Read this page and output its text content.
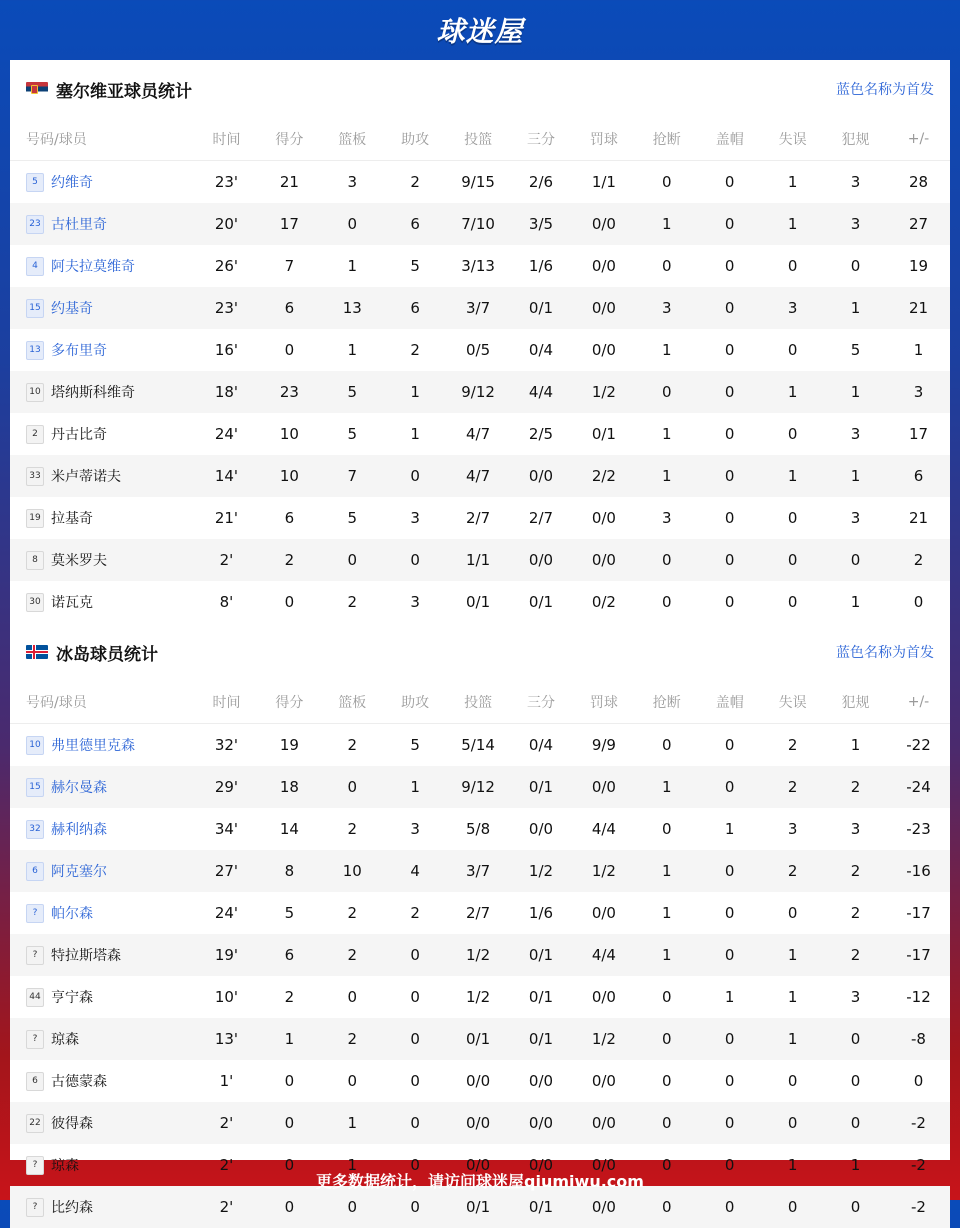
球迷屋
塞尔维亚球员统计	蓝色名称为首发
号码/球员	时间	得分	篮板	助攻	投篮	三分	罚球	抢断	盖帽	失误	犯规	+/-
5 约维奇	23'	21	3	2	9/15	2/6	1/1	0	0	1	3	28
23 古杜里奇	20'	17	0	6	7/10	3/5	0/0	1	0	1	3	27
4 阿夫拉莫维奇	26'	7	1	5	3/13	1/6	0/0	0	0	0	0	19
15 约基奇	23'	6	13	6	3/7	0/1	0/0	3	0	3	1	21
13 多布里奇	16'	0	1	2	0/5	0/4	0/0	1	0	0	5	1
10 塔纳斯科维奇	18'	23	5	1	9/12	4/4	1/2	0	0	1	1	3
2 丹古比奇	24'	10	5	1	4/7	2/5	0/1	1	0	0	3	17
33 米卢蒂诺夫	14'	10	7	0	4/7	0/0	2/2	1	0	1	1	6
19 拉基奇	21'	6	5	3	2/7	2/7	0/0	3	0	0	3	21
8 莫米罗夫	2'	2	0	0	1/1	0/0	0/0	0	0	0	0	2
30 诺瓦克	8'	0	2	3	0/1	0/1	0/2	0	0	0	1	0
冰岛球员统计	蓝色名称为首发
号码/球员	时间	得分	篮板	助攻	投篮	三分	罚球	抢断	盖帽	失误	犯规	+/-
10 弗里德里克森	32'	19	2	5	5/14	0/4	9/9	0	0	2	1	-22
15 赫尔曼森	29'	18	0	1	9/12	0/1	0/0	1	0	2	2	-24
32 赫利纳森	34'	14	2	3	5/8	0/0	4/4	0	1	3	3	-23
6 阿克塞尔	27'	8	10	4	3/7	1/2	1/2	1	0	2	2	-16
? 帕尔森	24'	5	2	2	2/7	1/6	0/0	1	0	0	2	-17
? 特拉斯塔森	19'	6	2	0	1/2	0/1	4/4	1	0	1	2	-17
44 亨宁森	10'	2	0	0	1/2	0/1	0/0	0	1	1	3	-12
? 琼森	13'	1	2	0	0/1	0/1	1/2	0	0	1	0	-8
6 古德蒙森	1'	0	0	0	0/0	0/0	0/0	0	0	0	0	0
22 彼得森	2'	0	1	0	0/0	0/0	0/0	0	0	0	0	-2
? 琼森	2'	0	1	0	0/0	0/0	0/0	0	0	1	1	-2
? 比约森	2'	0	0	0	0/1	0/1	0/0	0	0	0	0	-2
更多数据统计，请访问球迷屋qiumiwu.com
